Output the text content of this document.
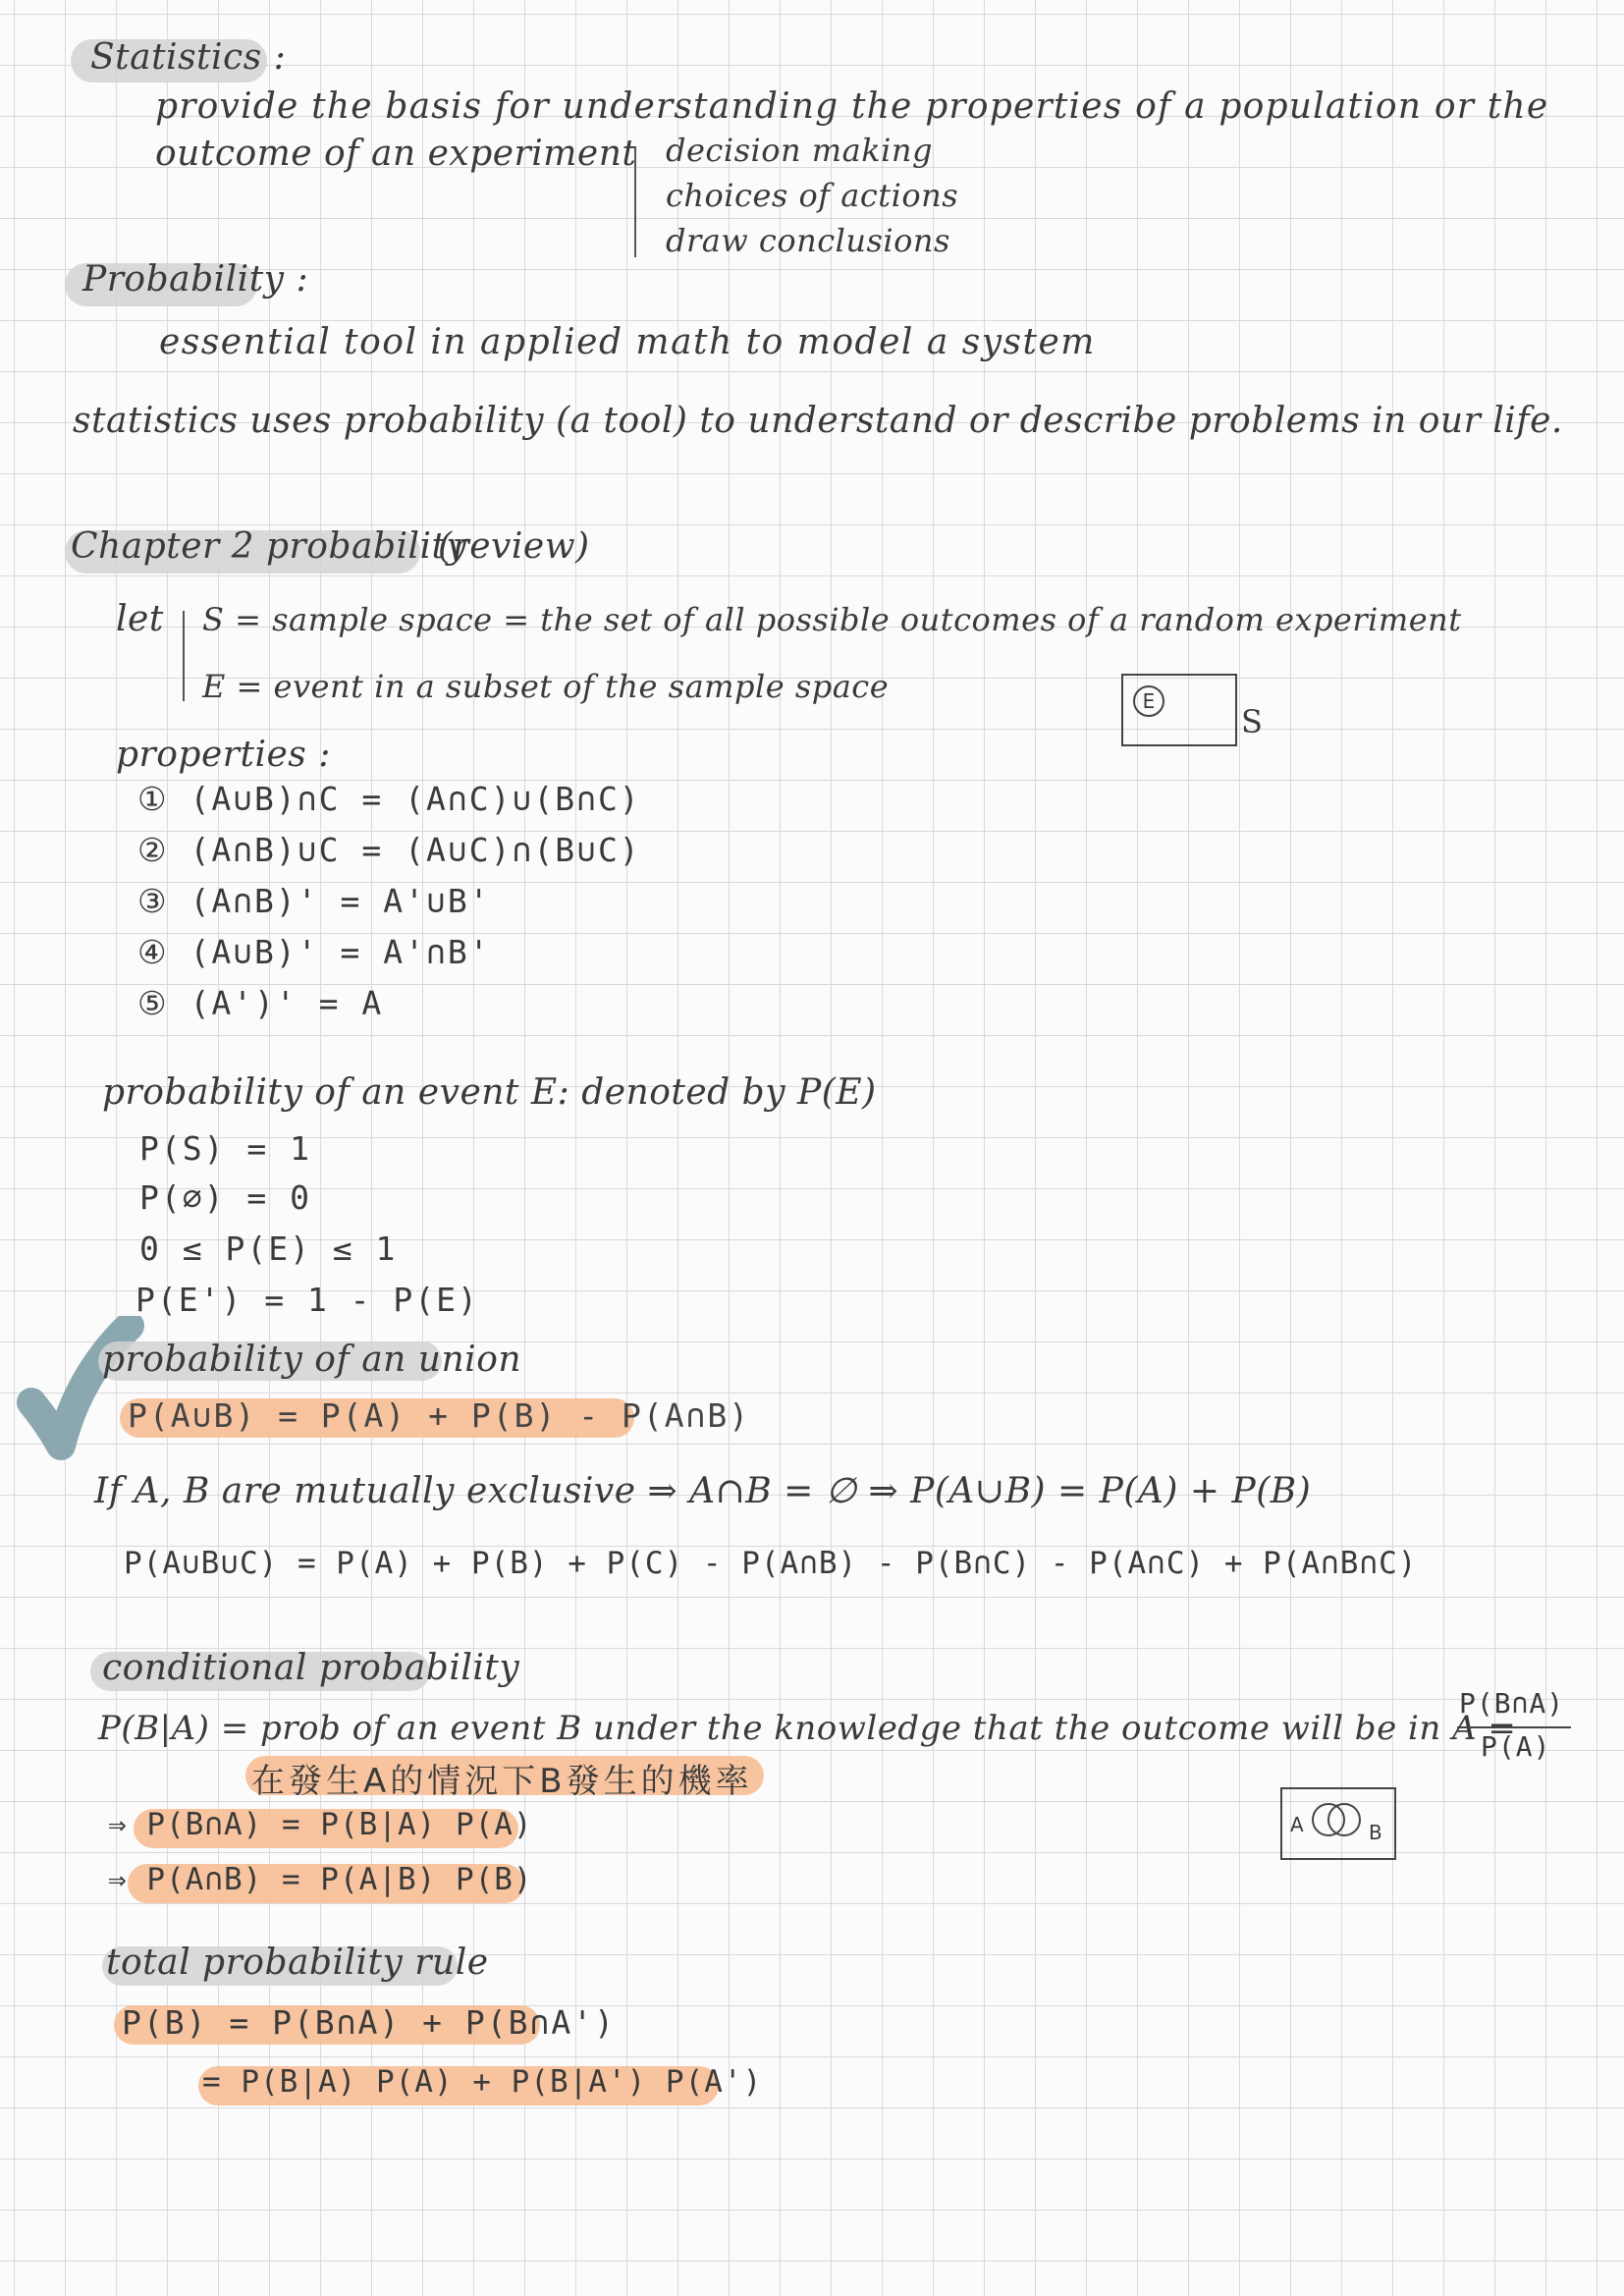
Statistics :
provide the basis for understanding the properties of a population or the
outcome of an experiment decision making
choices of actions
draw conclusions
Probability :
essential tool in applied math to model a system
statistics uses probability (a tool) to understand or describe problems in our life.
Chapter 2 probability
(review)
let S = sample space = the set of all possible outcomes of a random experiment
E = event in a subset of the sample space	E
S
properties :
① (A∪B)∩C = (A∩C)∪(B∩C)
② (A∩B)∪C = (A∪C)∩(B∪C)
③ (A∩B)' = A'∪B'
④ (A∪B)' = A'∩B'
⑤ (A')' = A
probability of an event E: denoted by P(E)
P(S) = 1
P(∅) = 0
0 ≤ P(E) ≤ 1
P(E') = 1 - P(E)
probability of an union
P(A∪B) = P(A) + P(B) - P(A∩B)
If A, B are mutually exclusive ⇒ A∩B = ∅ ⇒ P(A∪B) = P(A) + P(B)
P(A∪B∪C) = P(A) + P(B) + P(C) - P(A∩B) - P(B∩C) - P(A∩C) + P(A∩B∩C)
conditional probability
P(B|A) = prob of an event B under the knowledge that the outcome will be in A =
P(B∩A)
P(A)
在發生A的情況下B發生的機率
⇒ P(B∩A) = P(B|A) P(A)
⇒ P(A∩B) = P(A|B) P(B)
A	B
total probability rule
P(B) = P(B∩A) + P(B∩A')
= P(B|A) P(A) + P(B|A') P(A')
